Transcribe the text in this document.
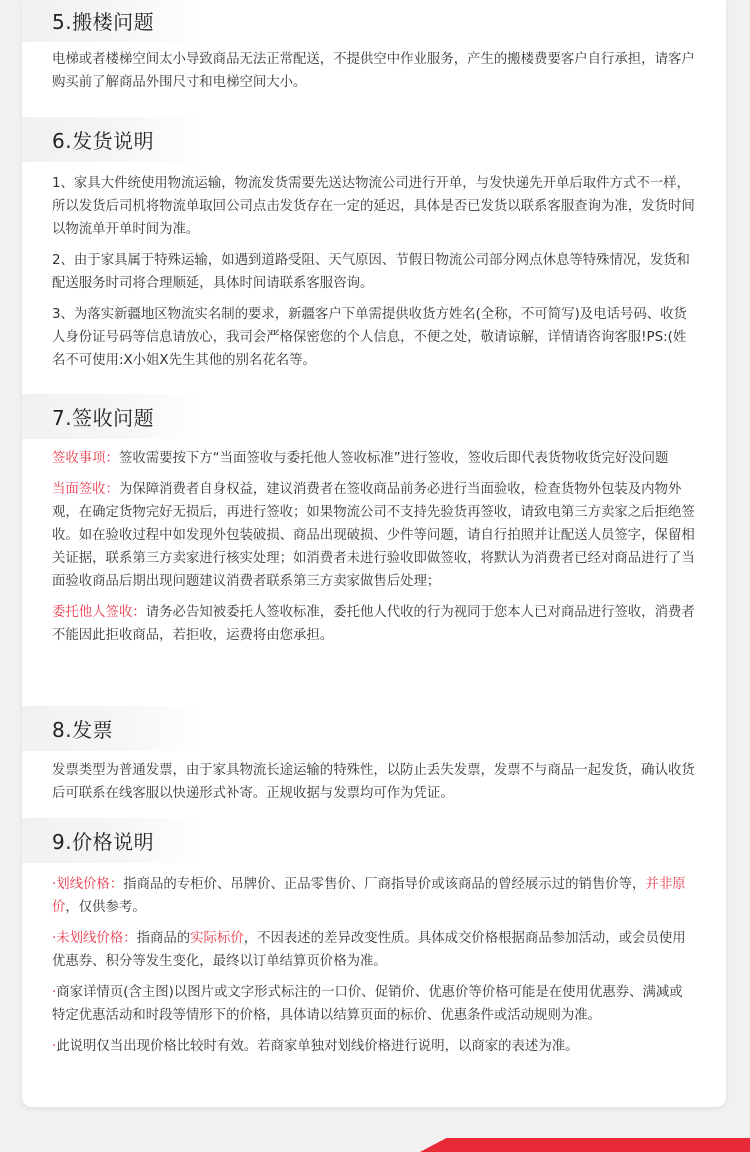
5.搬楼问题

电梯或者楼梯空间太小导致商品无法正常配送，不提供空中作业服务，产生的搬楼费要客户自行承担，请客户购买前了解商品外围尺寸和电梯空间大小。

6.发货说明

1、家具大件统使用物流运输，物流发货需要先送达物流公司进行开单，与发快递先开单后取件方式不一样，所以发货后司机将物流单取回公司点击发货存在一定的延迟，具体是否已发货以联系客服查询为准，发货时间以物流单开单时间为准。

2、由于家具属于特殊运输，如遇到道路受阻、天气原因、节假日物流公司部分网点休息等特殊情况，发货和配送服务时司将合理顺延，具体时间请联系客服咨询。

3、为落实新疆地区物流实名制的要求，新疆客户下单需提供收货方姓名(全称，不可简写)及电话号码、收货人身份证号码等信息请放心，我司会严格保密您的个人信息，不便之处，敬请谅解，详情请咨询客服!PS:(姓名不可使用:X小姐X先生其他的别名花名等。

7.签收问题

签收事项：签收需要按下方“当面签收与委托他人签收标准”进行签收，签收后即代表货物收货完好没问题

当面签收：为保障消费者自身权益，建议消费者在签收商品前务必进行当面验收，检查货物外包装及内物外观，在确定货物完好无损后，再进行签收；如果物流公司不支持先验货再签收，请致电第三方卖家之后拒绝签收。如在验收过程中如发现外包装破损、商品出现破损、少件等问题，请自行拍照并让配送人员签字，保留相关证据，联系第三方卖家进行核实处理；如消费者未进行验收即做签收，将默认为消费者已经对商品进行了当面验收商品后期出现问题建议消费者联系第三方卖家做售后处理；

委托他人签收：请务必告知被委托人签收标准，委托他人代收的行为视同于您本人已对商品进行签收，消费者不能因此拒收商品，若拒收，运费将由您承担。

8.发票

发票类型为普通发票，由于家具物流长途运输的特殊性，以防止丢失发票，发票不与商品一起发货，确认收货后可联系在线客服以快递形式补寄。正规收据与发票均可作为凭证。

9.价格说明

·划线价格：指商品的专柜价、吊牌价、正品零售价、厂商指导价或该商品的曾经展示过的销售价等，并非原价，仅供参考。

·未划线价格：指商品的实际标价，不因表述的差异改变性质。具体成交价格根据商品参加活动，或会员使用优惠券、积分等发生变化，最终以订单结算页价格为准。

·商家详情页(含主图)以图片或文字形式标注的一口价、促销价、优惠价等价格可能是在使用优惠券、满减或特定优惠活动和时段等情形下的价格，具体请以结算页面的标价、优惠条件或活动规则为准。

·此说明仅当出现价格比较时有效。若商家单独对划线价格进行说明，以商家的表述为准。
